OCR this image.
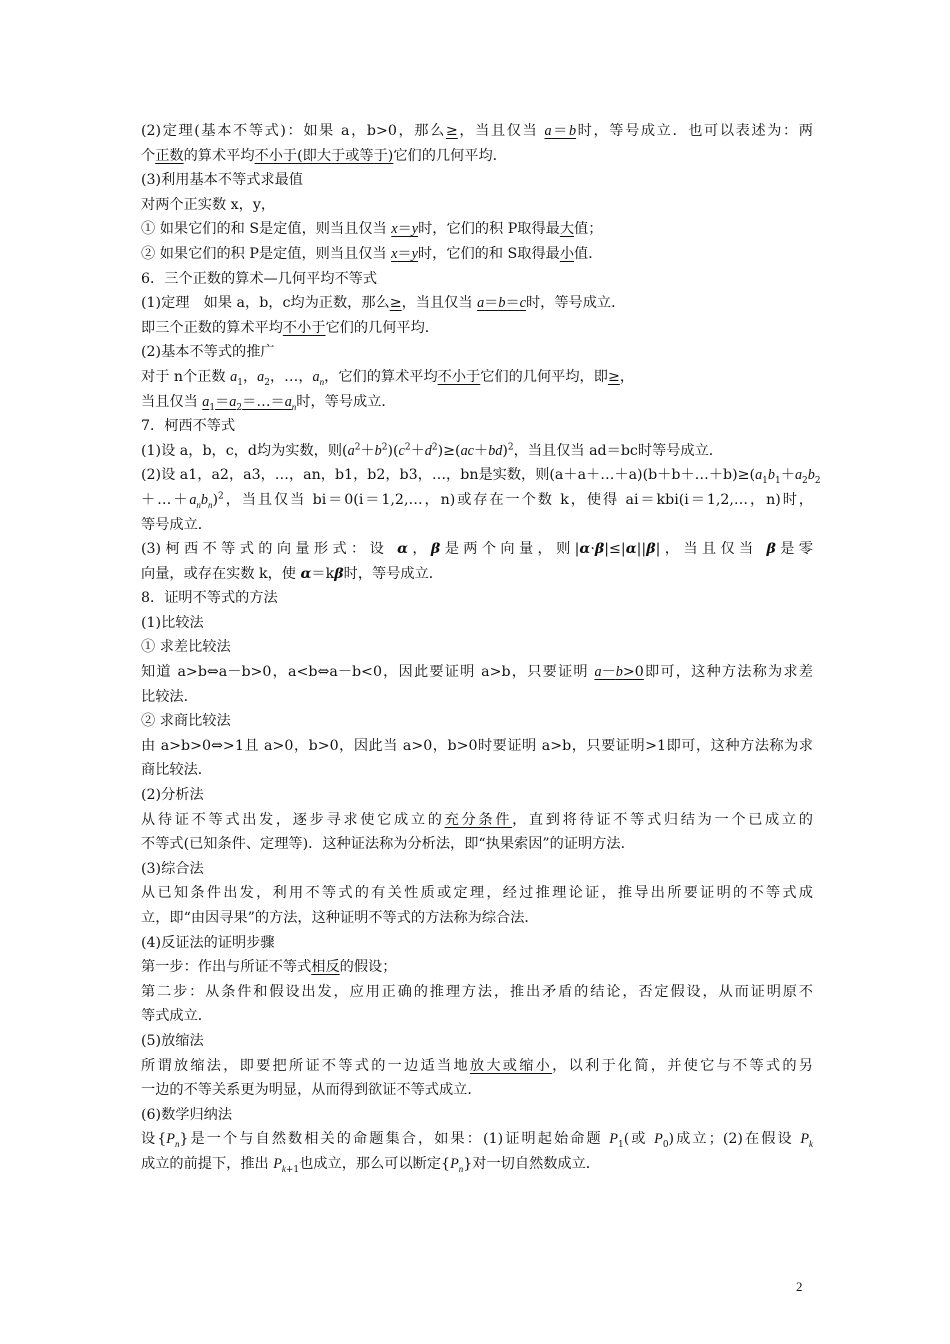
(2)定理(基本不等式)：如果 a，b>0，那么≥，当且仅当 a＝b时，等号成立．也可以表述为：两
个正数的算术平均不小于(即大于或等于)它们的几何平均．
(3)利用基本不等式求最值
对两个正实数 x，y，
① 如果它们的和 S是定值，则当且仅当 x＝y时，它们的积 P取得最大值；
② 如果它们的积 P是定值，则当且仅当 x＝y时，它们的和 S取得最小值．
6．三个正数的算术—几何平均不等式
(1)定理　如果 a，b，c均为正数，那么≥，当且仅当 a＝b＝c时，等号成立．
即三个正数的算术平均不小于它们的几何平均．
(2)基本不等式的推广
对于 n个正数 $a_1$，$a_2$，…，$a_n$，它们的算术平均不小于它们的几何平均，即≥，
当且仅当 $a_1=a_2=\dots=a_n$时，等号成立．
7．柯西不等式
(1)设 a，b，c，d均为实数，则$(a^2+b^2)(c^2+d^2)\ge(ac+bd)^2$，当且仅当 ad＝bc时等号成立．
(2)设 a1，a2，a3，…，an，b1，b2，b3，…，bn是实数，则$(a+a+\dots+a)(b+b+\dots+b)\ge(a_1b_1+a_2b_2$
$+\dots+a_nb_n)^2$，当且仅当 bi＝0(i＝1,2,…，n)或存在一个数 k，使得 ai＝kbi(i＝1,2,…，n)时，
等号成立．
(3)柯西不等式的向量形式：设 α，β是两个向量，则|α·β|≤|α||β|，当且仅当 β是零
向量，或存在实数 k，使 α＝kβ时，等号成立．
8．证明不等式的方法
(1)比较法
① 求差比较法
知道 a>b⇔a－b>0，a<b⇔a－b<0，因此要证明 a>b，只要证明 a－b>0即可，这种方法称为求差
比较法．
② 求商比较法
由 a>b>0⇔>1且 a>0，b>0，因此当 a>0，b>0时要证明 a>b，只要证明>1即可，这种方法称为求
商比较法．
(2)分析法
从待证不等式出发，逐步寻求使它成立的充分条件，直到将待证不等式归结为一个已成立的
不等式(已知条件、定理等)．这种证法称为分析法，即“执果索因”的证明方法．
(3)综合法
从已知条件出发，利用不等式的有关性质或定理，经过推理论证，推导出所要证明的不等式成
立，即“由因寻果”的方法，这种证明不等式的方法称为综合法．
(4)反证法的证明步骤
第一步：作出与所证不等式相反的假设；
第二步：从条件和假设出发，应用正确的推理方法，推出矛盾的结论，否定假设，从而证明原不
等式成立．
(5)放缩法
所谓放缩法，即要把所证不等式的一边适当地放大或缩小，以利于化简，并使它与不等式的另
一边的不等关系更为明显，从而得到欲证不等式成立．
(6)数学归纳法
设$\{P_n\}$是一个与自然数相关的命题集合，如果：(1)证明起始命题 $P_1$(或 $P_0$)成立；(2)在假设 $P_k$
成立的前提下，推出 $P_{k+1}$也成立，那么可以断定$\{P_n\}$对一切自然数成立．
2
